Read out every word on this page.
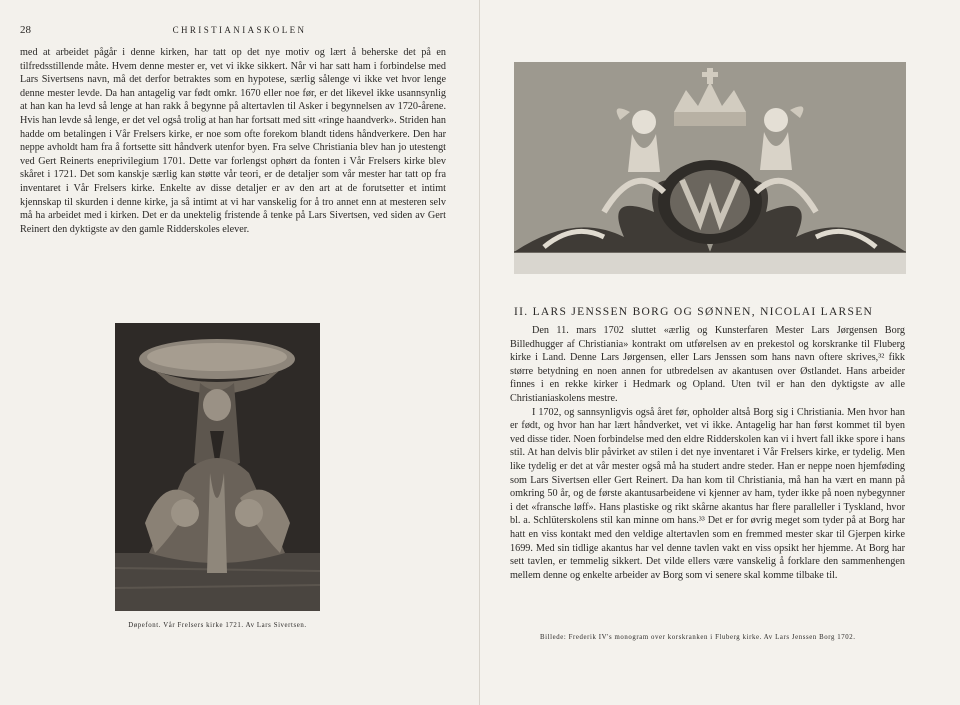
28	CHRISTIANIASKOLEN

med at arbeidet pågår i denne kirken, har tatt op det nye motiv og lært å beherske det på en tilfredsstillende måte. Hvem denne mester er, vet vi ikke sikkert. Når vi har satt ham i forbindelse med Lars Sivertsens navn, må det derfor betraktes som en hypotese, særlig sålenge vi ikke vet hvor lenge denne mester levde. Da han antagelig var født omkr. 1670 eller noe før, er det likevel ikke usannsynlig at han kan ha levd så lenge at han rakk å begynne på altertavlen til Asker i begynnelsen av 1720-årene. Hvis han levde så lenge, er det vel også trolig at han har fortsatt med sitt «ringe haandverk». Striden han hadde om betalingen i Vår Frelsers kirke, er noe som ofte forekom blandt tidens håndverkere. Den har neppe avholdt ham fra å fortsette sitt håndverk utenfor byen. Fra selve Christiania blev han jo utestengt ved Gert Reinerts eneprivilegium 1701. Dette var forlengst ophørt da fonten i Vår Frelsers kirke blev skåret i 1721. Det som kanskje særlig kan støtte vår teori, er de detaljer som vår mester har tatt op fra inventaret i Vår Frelsers kirke. Enkelte av disse detaljer er av den art at de forutsetter et intimt kjennskap til skurden i denne kirke, ja så intimt at vi har vanskelig for å tro annet enn at mesteren selv må ha arbeidet med i kirken. Det er da unektelig fristende å tenke på Lars Sivertsen, ved siden av Gert Reinert den dyktigste av den gamle Ridderskoles elever.

Døpefont. Vår Frelsers kirke 1721. Av Lars Sivertsen.
II. LARS JENSSEN BORG OG SØNNEN, NICOLAI LARSEN

Den 11. mars 1702 sluttet «ærlig og Kunsterfaren Mester Lars Jørgensen Borg Billedhugger af Christiania» kontrakt om utførelsen av en prekestol og korskranke til Fluberg kirke i Land. Denne Lars Jørgensen, eller Lars Jenssen som hans navn oftere skrives,³² fikk større betydning en noen annen for utbredelsen av akantusen over Østlandet. Hans arbeider finnes i en rekke kirker i Hedmark og Opland. Uten tvil er han den dyktigste av alle Christianiaskolens mestre.

I 1702, og sannsynligvis også året før, opholder altså Borg sig i Christiania. Men hvor han er født, og hvor han har lært håndverket, vet vi ikke. Antagelig har han først kommet til byen ved disse tider. Noen forbindelse med den eldre Ridderskolen kan vi i hvert fall ikke spore i hans stil. At han delvis blir påvirket av stilen i det nye inventaret i Vår Frelsers kirke, er tydelig. Men like tydelig er det at vår mester også må ha studert andre steder. Han er neppe noen hjemføding som Lars Sivertsen eller Gert Reinert. Da han kom til Christiania, må han ha vært en mann på omkring 50 år, og de første akantusarbeidene vi kjenner av ham, tyder ikke på noen nybegynner i det «fransche løff». Hans plastiske og rikt skårne akantus har flere paralleller i Tyskland, hvor bl. a. Schlüterskolens stil kan minne om hans.³³ Det er for øvrig meget som tyder på at Borg har hatt en viss kontakt med den veldige altertavlen som en fremmed mester skar til Gjerpen kirke 1699. Med sin tidlige akantus har vel denne tavlen vakt en viss opsikt her hjemme. At Borg har sett tavlen, er temmelig sikkert. Det vilde ellers være vanskelig å forklare den sammenhengen mellem denne og enkelte arbeider av Borg som vi senere skal komme tilbake til.

Billede: Frederik IV's monogram over korskranken i Fluberg kirke. Av Lars Jenssen Borg 1702.
